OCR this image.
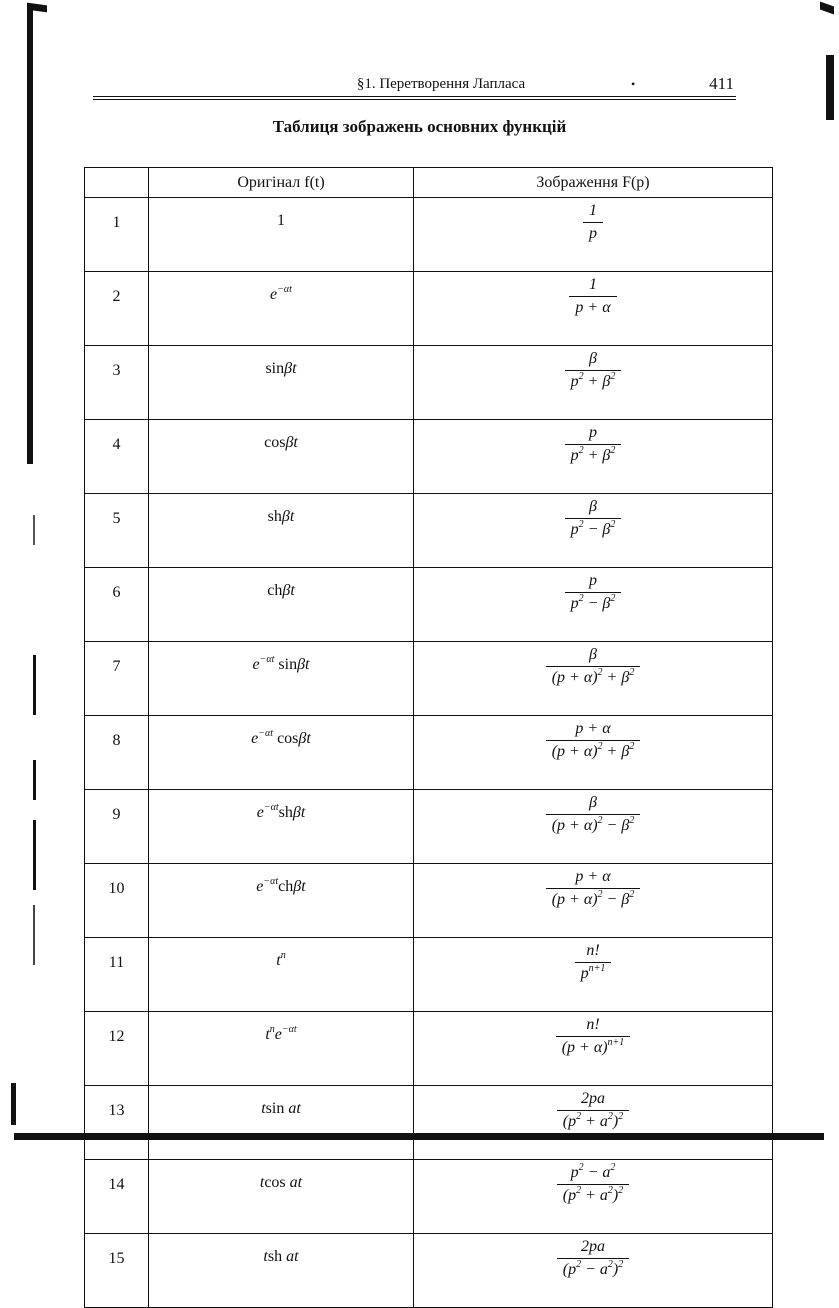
§1. Перетворення Лапласа	•	411
Таблиця зображень основних функцій
	Оригінал f(t)	Зображення F(p)
1	1	$\frac{1}{p}$

2	$e^{-\alpha t}$	$\frac{1}{p + \alpha}$

3	sinβt	$\frac{\beta}{p^2 + \beta^2}$

4	cosβt	$\frac{p}{p^2 + \beta^2}$

5	shβt	$\frac{\beta}{p^2 - \beta^2}$

6	chβt	$\frac{p}{p^2 - \beta^2}$

7	$e^{-\alpha t}$ sinβt	$\frac{\beta}{(p + \alpha)^2 + \beta^2}$

8	$e^{-\alpha t}$ cosβt	$\frac{p + \alpha}{(p + \alpha)^2 + \beta^2}$

9	$e^{-\alpha t}sh\beta t$	$\frac{\beta}{(p + \alpha)^2 - \beta^2}$

10	$e^{-\alpha t}ch\beta t$	$\frac{p + \alpha}{(p + \alpha)^2 - \beta^2}$

11	$t^n$	$\frac{n!}{p^{n+1}}$

12	$t^ne^{-\alpha t}$	$\frac{n!}{(p + \alpha)^{n+1}}$

13	tsin at	$\frac{2pa}{(p^2 + a^2)^2}$

14	tcos at	$\frac{p^2 - a^2}{(p^2 + a^2)^2}$

15	tsh at	$\frac{2pa}{(p^2 - a^2)^2}$
